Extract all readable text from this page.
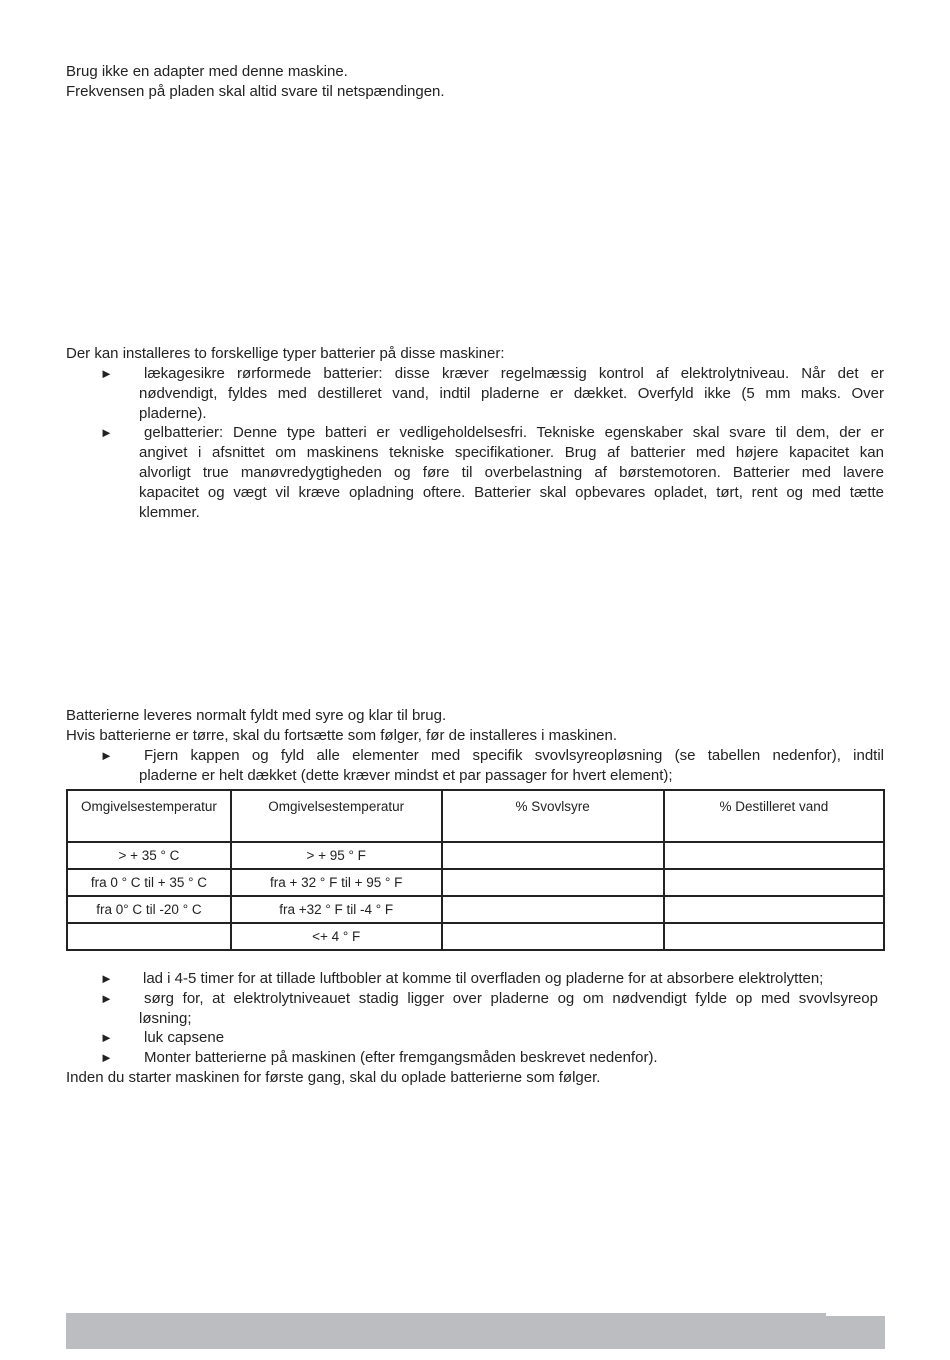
Brug ikke en adapter med denne maskine.
Frekvensen på pladen skal altid svare til netspændingen.
Der kan installeres to forskellige typer batterier på disse maskiner:
►	lækagesikre rørformede batterier: disse kræver regelmæssig kontrol af elektrolytniveau. Når det er
nødvendigt, fyldes med destilleret vand, indtil pladerne er dækket. Overfyld ikke (5 mm maks. Over
pladerne).
►	gelbatterier: Denne type batteri er vedligeholdelsesfri. Tekniske egenskaber skal svare til dem, der er
angivet i afsnittet om maskinens tekniske specifikationer. Brug af batterier med højere kapacitet kan
alvorligt true manøvredygtigheden og føre til overbelastning af børstemotoren. Batterier med lavere
kapacitet og vægt vil kræve opladning oftere. Batterier skal opbevares opladet, tørt, rent og med tætte
klemmer.
Batterierne leveres normalt fyldt med syre og klar til brug.
Hvis batterierne er tørre, skal du fortsætte som følger, før de installeres i maskinen.
►	Fjern kappen og fyld alle elementer med specifik svovlsyreopløsning (se tabellen nedenfor), indtil
pladerne er helt dækket (dette kræver mindst et par passager for hvert element);
Omgivelsestemperatur	Omgivelsestemperatur	% Svovlsyre	% Destilleret vand
> + 35 ° C	> + 95 ° F		
fra 0 ° C til + 35 ° C	fra + 32 ° F til + 95 ° F		
fra 0° C til -20 ° C	fra +32 ° F til -4 ° F		
	<+ 4 ° F		
►	lad i 4-5 timer for at tillade luftbobler at komme til overfladen og pladerne for at absorbere elektrolytten;
►	sørg for, at elektrolytniveauet stadig ligger over pladerne og om nødvendigt fylde op med svovlsyreop
løsning;
►	luk capsene
►	Monter batterierne på maskinen (efter fremgangsmåden beskrevet nedenfor).
Inden du starter maskinen for første gang, skal du oplade batterierne som følger.
